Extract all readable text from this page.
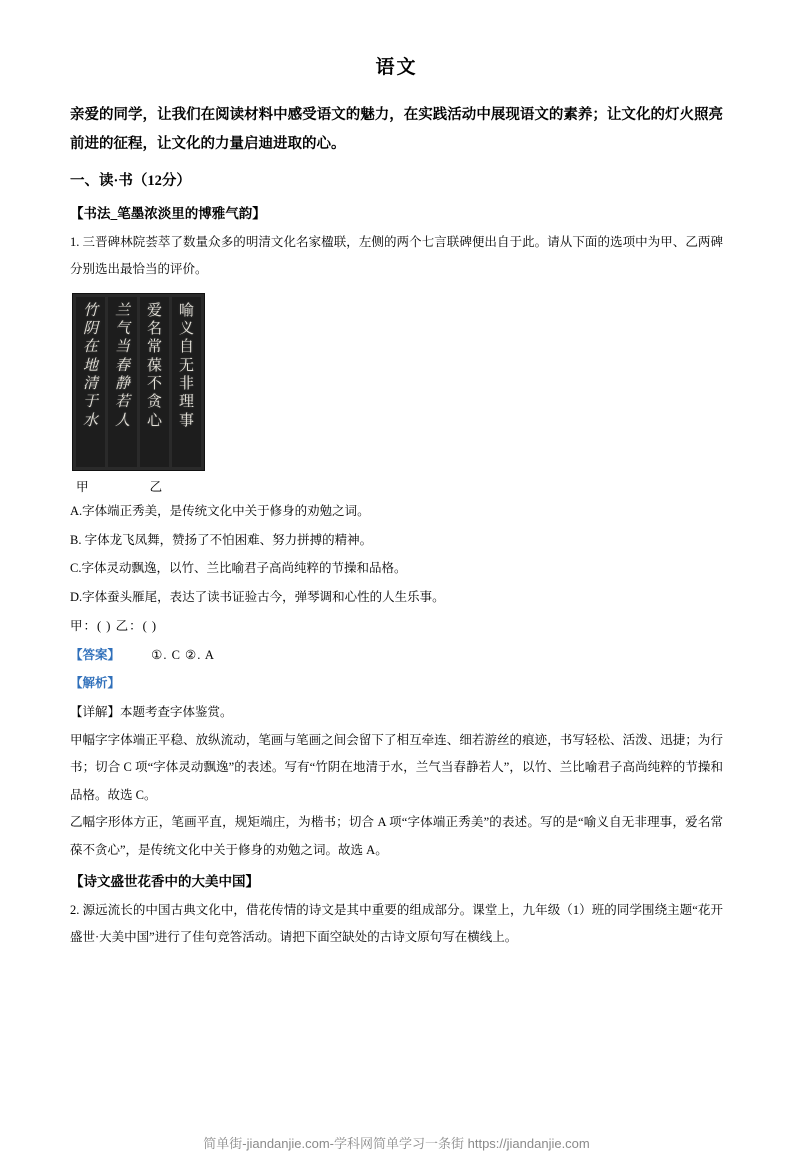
语文
亲爱的同学，让我们在阅读材料中感受语文的魅力，在实践活动中展现语文的素养；让文化的灯火照亮前进的征程，让文化的力量启迪进取的心。
一、读·书（12分）
【书法_笔墨浓淡里的博雅气韵】
1. 三晋碑林院荟萃了数量众多的明清文化名家楹联，左侧的两个七言联碑便出自于此。请从下面的选项中为甲、乙两碑分别选出最恰当的评价。
竹
阴
在
地
清
于
水
兰
气
当
春
静
若
人
爱
名
常
葆
不
贪
心
喻
义
自
无
非
理
事
甲	乙
A.字体端正秀美，是传统文化中关于修身的劝勉之词。
B. 字体龙飞凤舞，赞扬了不怕困难、努力拼搏的精神。
C.字体灵动飘逸，以竹、兰比喻君子高尚纯粹的节操和品格。
D.字体蚕头雁尾，表达了读书证验古今，弹琴调和心性的人生乐事。
甲：( ) 乙：( )
【答案】 ①. C ②. A
【解析】
【详解】本题考查字体鉴赏。
甲幅字字体端正平稳、放纵流动，笔画与笔画之间会留下了相互牵连、细若游丝的痕迹，书写轻松、活泼、迅捷；为行书；切合 C 项“字体灵动飘逸”的表述。写有“竹阴在地清于水，兰气当春静若人”，以竹、兰比喻君子高尚纯粹的节操和品格。故选 C。
乙幅字形体方正，笔画平直，规矩端庄，为楷书；切合 A 项“字体端正秀美”的表述。写的是“喻义自无非理事，爱名常葆不贪心”，是传统文化中关于修身的劝勉之词。故选 A。
【诗文盛世花香中的大美中国】
2. 源远流长的中国古典文化中，借花传情的诗文是其中重要的组成部分。课堂上，九年级（1）班的同学围绕主题“花开盛世·大美中国”进行了佳句竞答活动。请把下面空缺处的古诗文原句写在横线上。
简单街-jiandanjie.com-学科网简单学习一条街 https://jiandanjie.com
